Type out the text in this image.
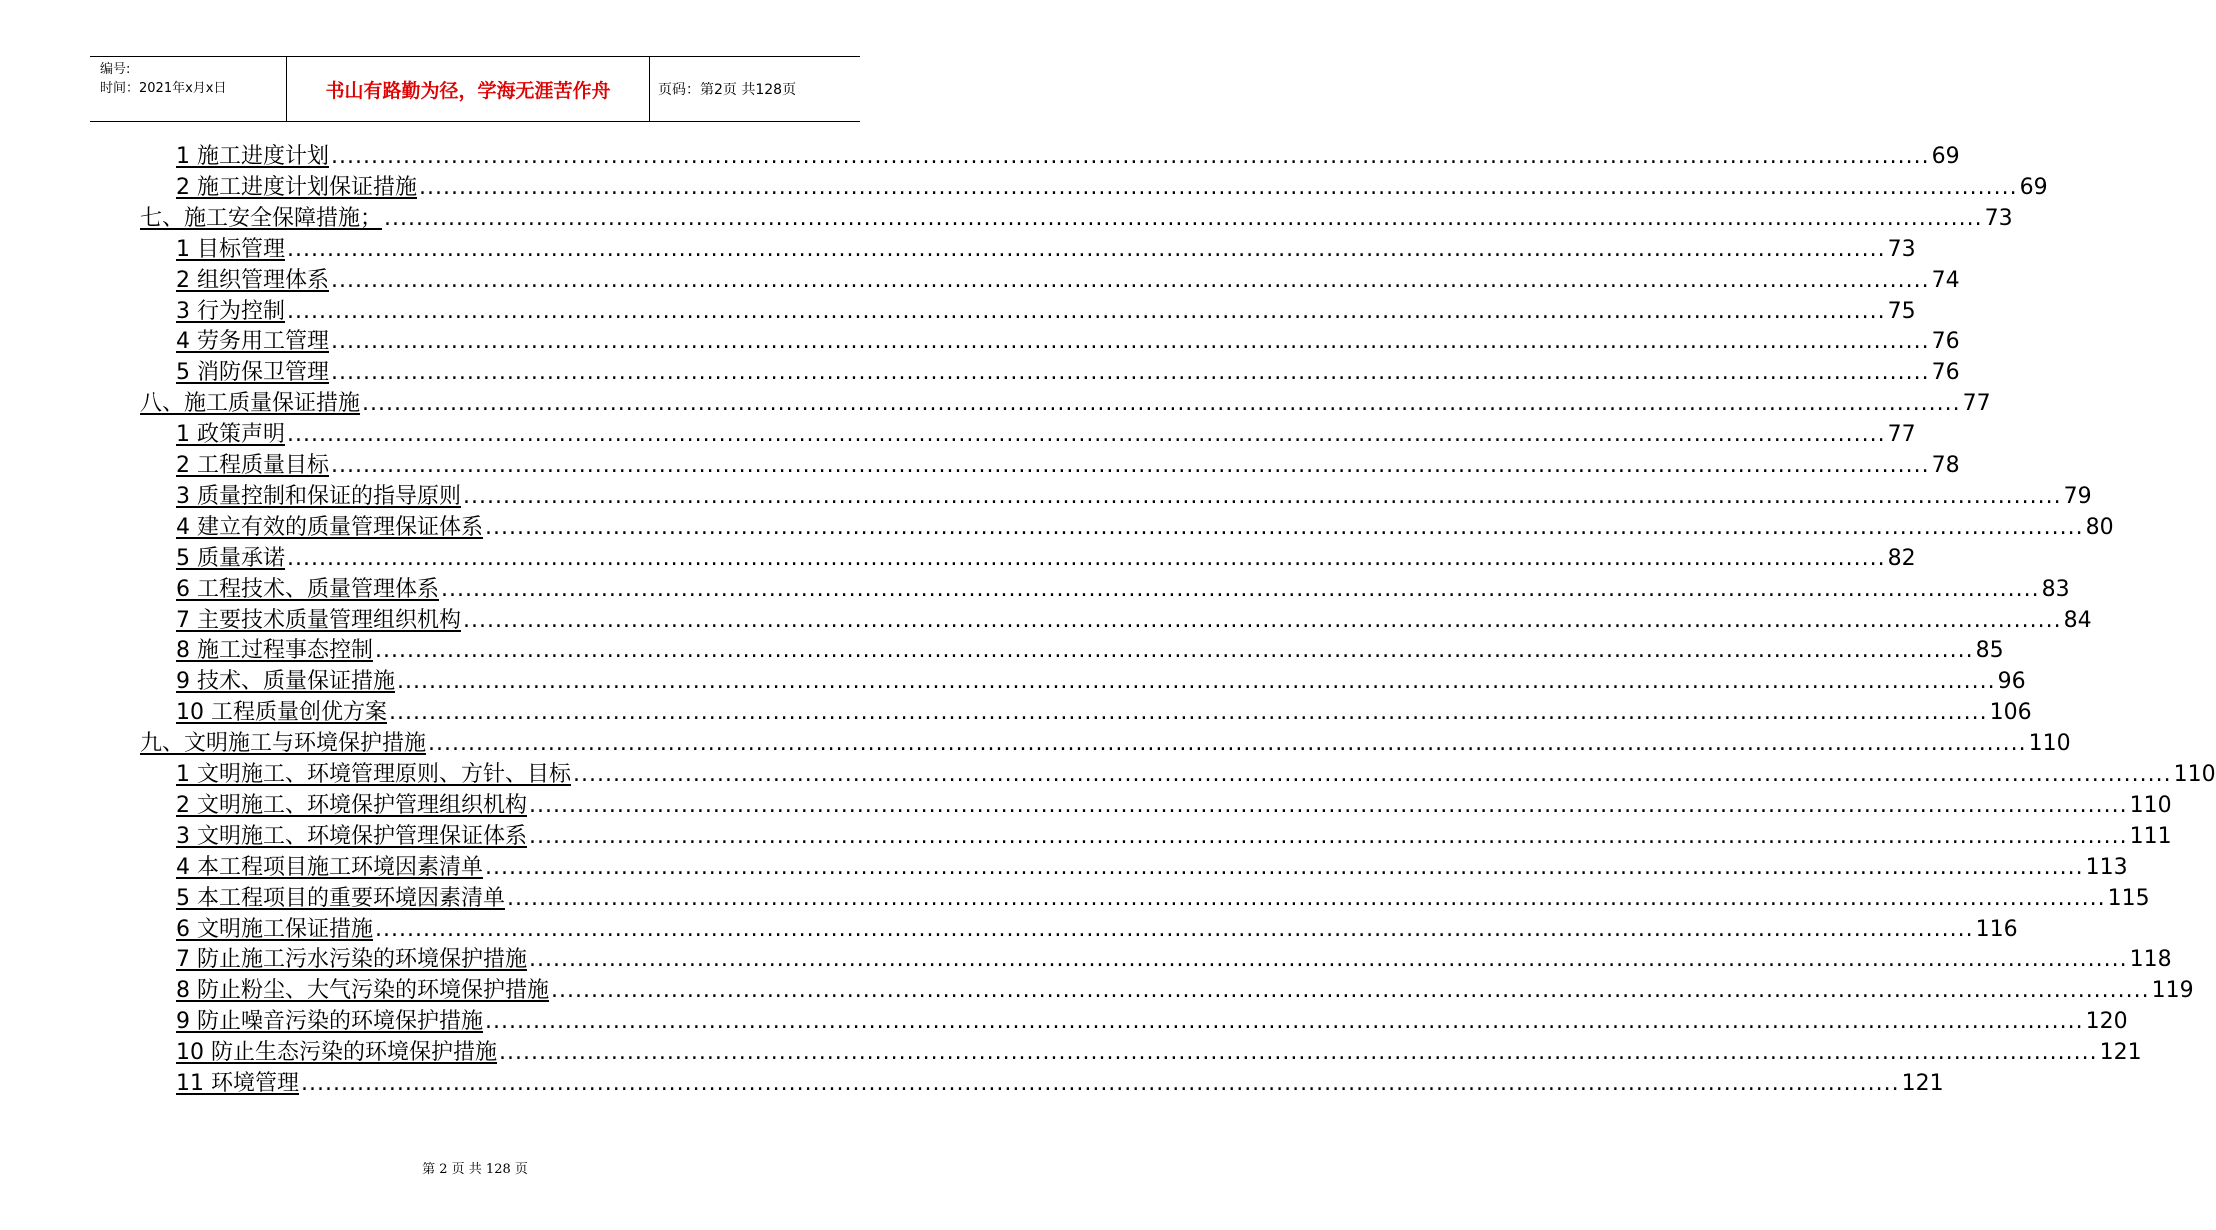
编号:
时间：2021年x月x日	书山有路勤为径，学海无涯苦作舟	页码：第2页 共128页
1 施工进度计划 ........................................................................................................................................................................................................ 69
2 施工进度计划保证措施 ........................................................................................................................................................................................................ 69
七、施工安全保障措施； ........................................................................................................................................................................................................ 73
1 目标管理 ........................................................................................................................................................................................................ 73
2 组织管理体系 ........................................................................................................................................................................................................ 74
3 行为控制 ........................................................................................................................................................................................................ 75
4 劳务用工管理 ........................................................................................................................................................................................................ 76
5 消防保卫管理 ........................................................................................................................................................................................................ 76
八、施工质量保证措施 ........................................................................................................................................................................................................ 77
1 政策声明 ........................................................................................................................................................................................................ 77
2 工程质量目标 ........................................................................................................................................................................................................ 78
3 质量控制和保证的指导原则 ........................................................................................................................................................................................................ 79
4 建立有效的质量管理保证体系 ........................................................................................................................................................................................................ 80
5 质量承诺 ........................................................................................................................................................................................................ 82
6 工程技术、质量管理体系 ........................................................................................................................................................................................................ 83
7 主要技术质量管理组织机构 ........................................................................................................................................................................................................ 84
8 施工过程事态控制 ........................................................................................................................................................................................................ 85
9 技术、质量保证措施 ........................................................................................................................................................................................................ 96
10 工程质量创优方案 ........................................................................................................................................................................................................ 106
九、文明施工与环境保护措施 ........................................................................................................................................................................................................ 110
1 文明施工、环境管理原则、方针、目标 ........................................................................................................................................................................................................ 110
2 文明施工、环境保护管理组织机构 ........................................................................................................................................................................................................ 110
3 文明施工、环境保护管理保证体系 ........................................................................................................................................................................................................ 111
4 本工程项目施工环境因素清单 ........................................................................................................................................................................................................ 113
5 本工程项目的重要环境因素清单 ........................................................................................................................................................................................................ 115
6 文明施工保证措施 ........................................................................................................................................................................................................ 116
7 防止施工污水污染的环境保护措施 ........................................................................................................................................................................................................ 118
8 防止粉尘、大气污染的环境保护措施 ........................................................................................................................................................................................................ 119
9 防止噪音污染的环境保护措施 ........................................................................................................................................................................................................ 120
10 防止生态污染的环境保护措施 ........................................................................................................................................................................................................ 121
11 环境管理 ........................................................................................................................................................................................................ 121
第 2 页 共 128 页
